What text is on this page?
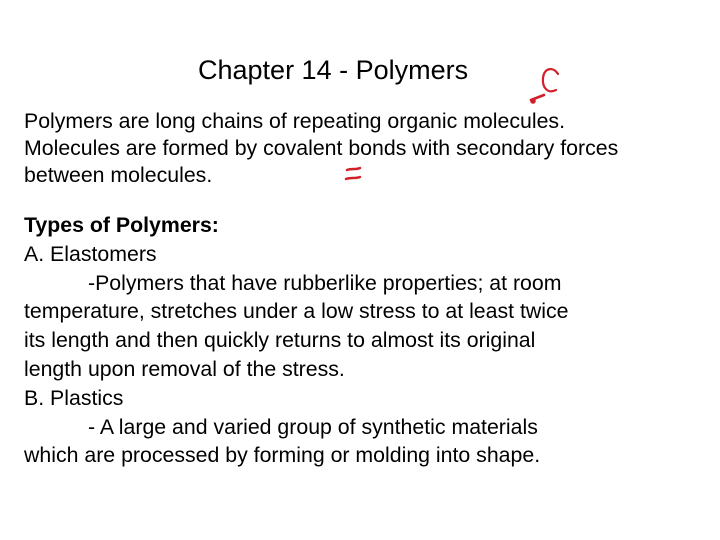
Chapter 14 - Polymers
Polymers are long chains of repeating organic molecules.
Molecules are formed by covalent bonds with secondary forces
between molecules.
Types of Polymers:
A. Elastomers
-Polymers that have rubberlike properties; at room
temperature, stretches under a low stress to at least twice
its length and then quickly returns to almost its original
length upon removal of the stress.
B. Plastics
- A large and varied group of synthetic materials
which are processed by forming or molding into shape.
